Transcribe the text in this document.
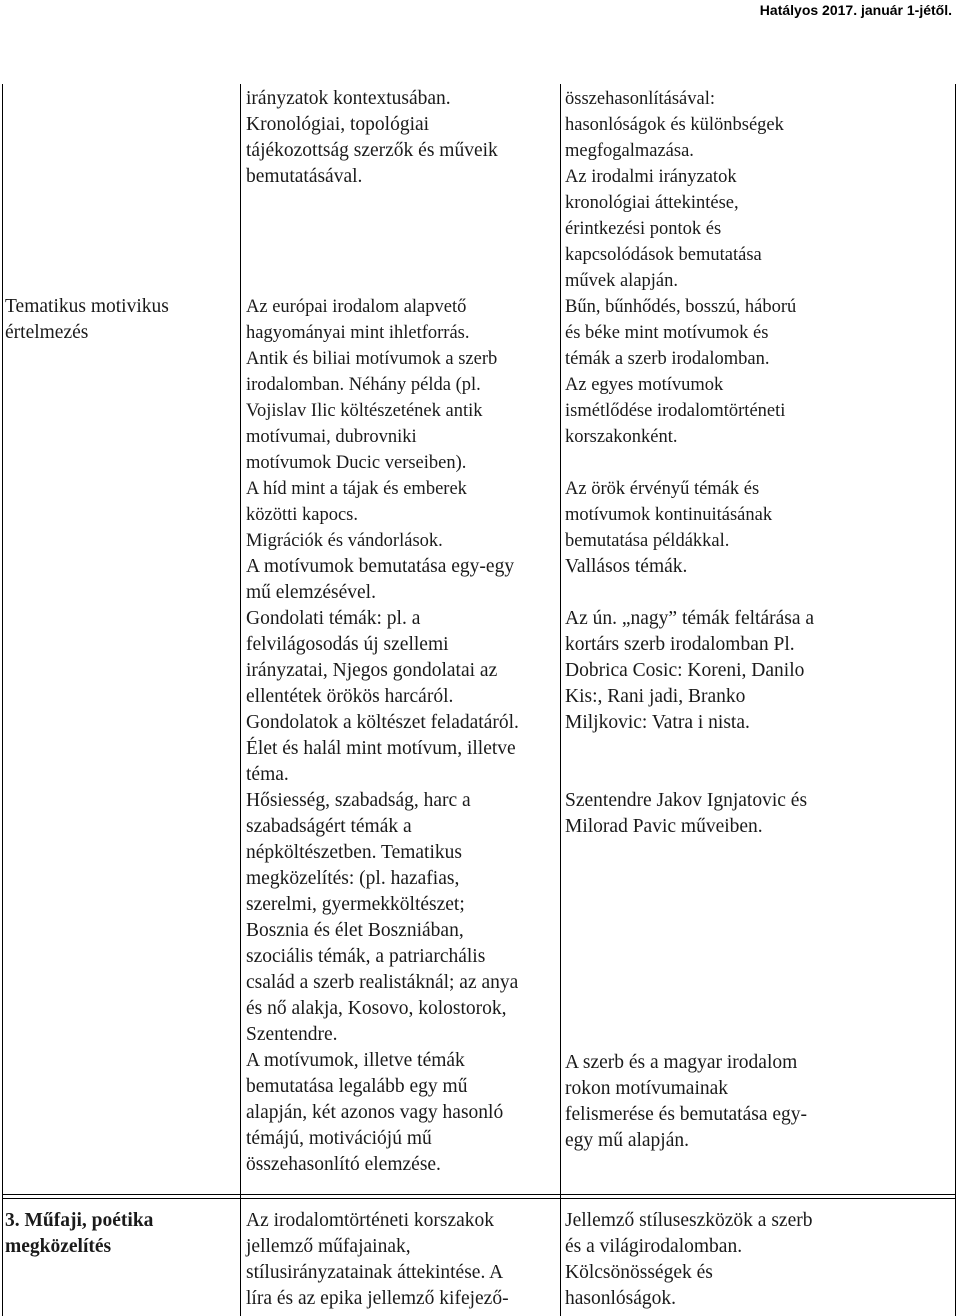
Hatályos 2017. január 1-jétől.
irányzatok kontextusában.
Kronológiai, topológiai
tájékozottság szerzők és műveik
bemutatásával.
összehasonlításával:
hasonlóságok és különbségek
megfogalmazása.
Az irodalmi irányzatok
kronológiai áttekintése,
érintkezési pontok és
kapcsolódások bemutatása
művek alapján.
Tematikus motivikus
értelmezés
Az európai irodalom alapvető
hagyományai mint ihletforrás.
Antik és biliai motívumok a szerb
irodalomban. Néhány példa (pl.
Vojislav Ilic költészetének antik
motívumai, dubrovniki
motívumok Ducic verseiben).
A híd mint a tájak és emberek
közötti kapocs.
Migrációk és vándorlások.
A motívumok bemutatása egy-egy
mű elemzésével.
Gondolati témák: pl. a
felvilágosodás új szellemi
irányzatai, Njegos gondolatai az
ellentétek örökös harcáról.
Gondolatok a költészet feladatáról.
Élet és halál mint motívum, illetve
téma.
Hősiesség, szabadság, harc a
szabadságért témák a
népköltészetben. Tematikus
megközelítés: (pl. hazafias,
szerelmi, gyermekköltészet;
Bosznia és élet Boszniában,
szociális témák, a patriarchális
család a szerb realistáknál; az anya
és nő alakja, Kosovo, kolostorok,
Szentendre.
A motívumok, illetve témák
bemutatása legalább egy mű
alapján, két azonos vagy hasonló
témájú, motivációjú mű
összehasonlító elemzése.
Bűn, bűnhődés, bosszú, háború
és béke mint motívumok és
témák a szerb irodalomban.
Az egyes motívumok
ismétlődése irodalomtörténeti
korszakonként.
Az örök érvényű témák és
motívumok kontinuitásának
bemutatása példákkal.
Vallásos témák.
Az ún. „nagy” témák feltárása a
kortárs szerb irodalomban Pl.
Dobrica Cosic: Koreni, Danilo
Kis:, Rani jadi, Branko
Miljkovic: Vatra i nista.
Szentendre Jakov Ignjatovic és
Milorad Pavic műveiben.
A szerb és a magyar irodalom
rokon motívumainak
felismerése és bemutatása egy-
egy mű alapján.
3. Műfaji, poétika
megközelítés
Az irodalomtörténeti korszakok
jellemző műfajainak,
stílusirányzatainak áttekintése. A
líra és az epika jellemző kifejező-
Jellemző stíluseszközök a szerb
és a világirodalomban.
Kölcsönösségek és
hasonlóságok.
